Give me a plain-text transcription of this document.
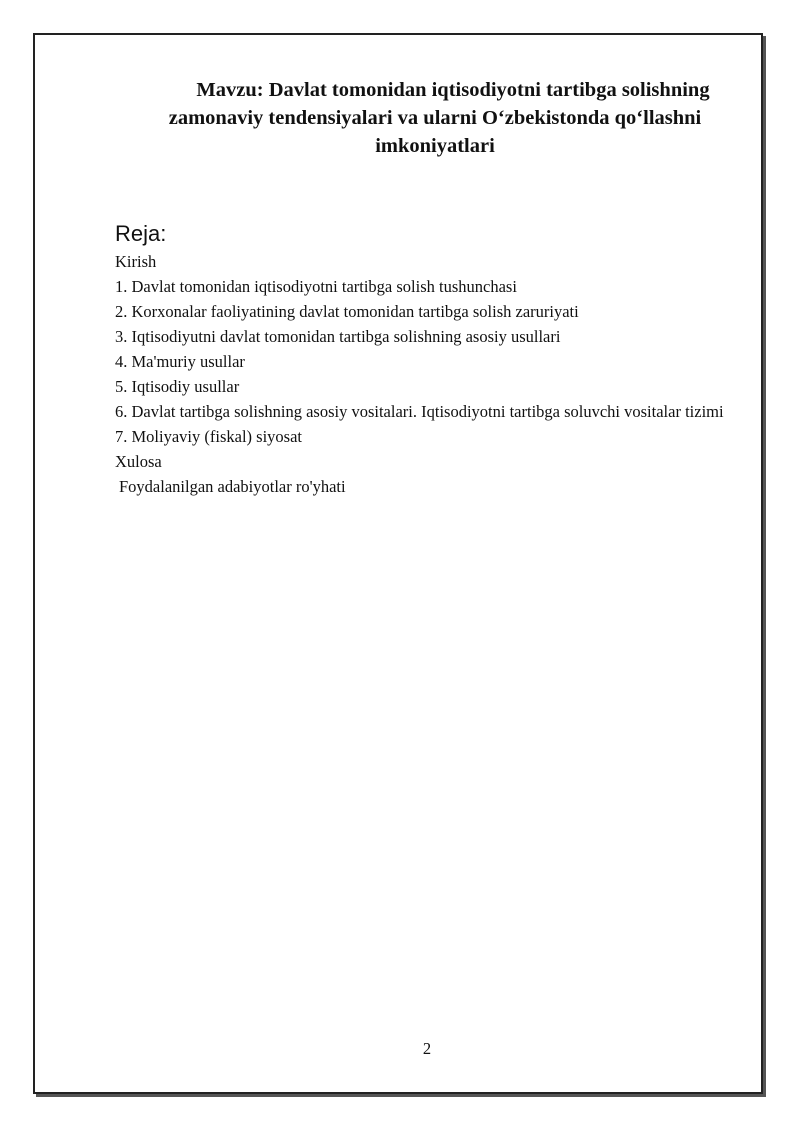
Mavzu: Davlat tomonidan iqtisodiyotni tartibga solishning
zamonaviy tendensiyalari va ularni O‘zbekistonda qo‘llashni
imkoniyatlari
Reja:
Kirish
1. Davlat tomonidan iqtisodiyotni tartibga solish tushunchasi
2. Korxonalar faoliyatining davlat tomonidan tartibga solish zaruriyati
3. Iqtisodiyutni davlat tomonidan tartibga solishning asosiy usullari
4. Ma'muriy usullar
5. Iqtisodiy usullar
6. Davlat tartibga solishning asosiy vositalari. Iqtisodiyotni tartibga soluvchi vositalar tizimi
7. Moliyaviy (fiskal) siyosat
Xulosa
Foydalanilgan adabiyotlar ro'yhati
2
